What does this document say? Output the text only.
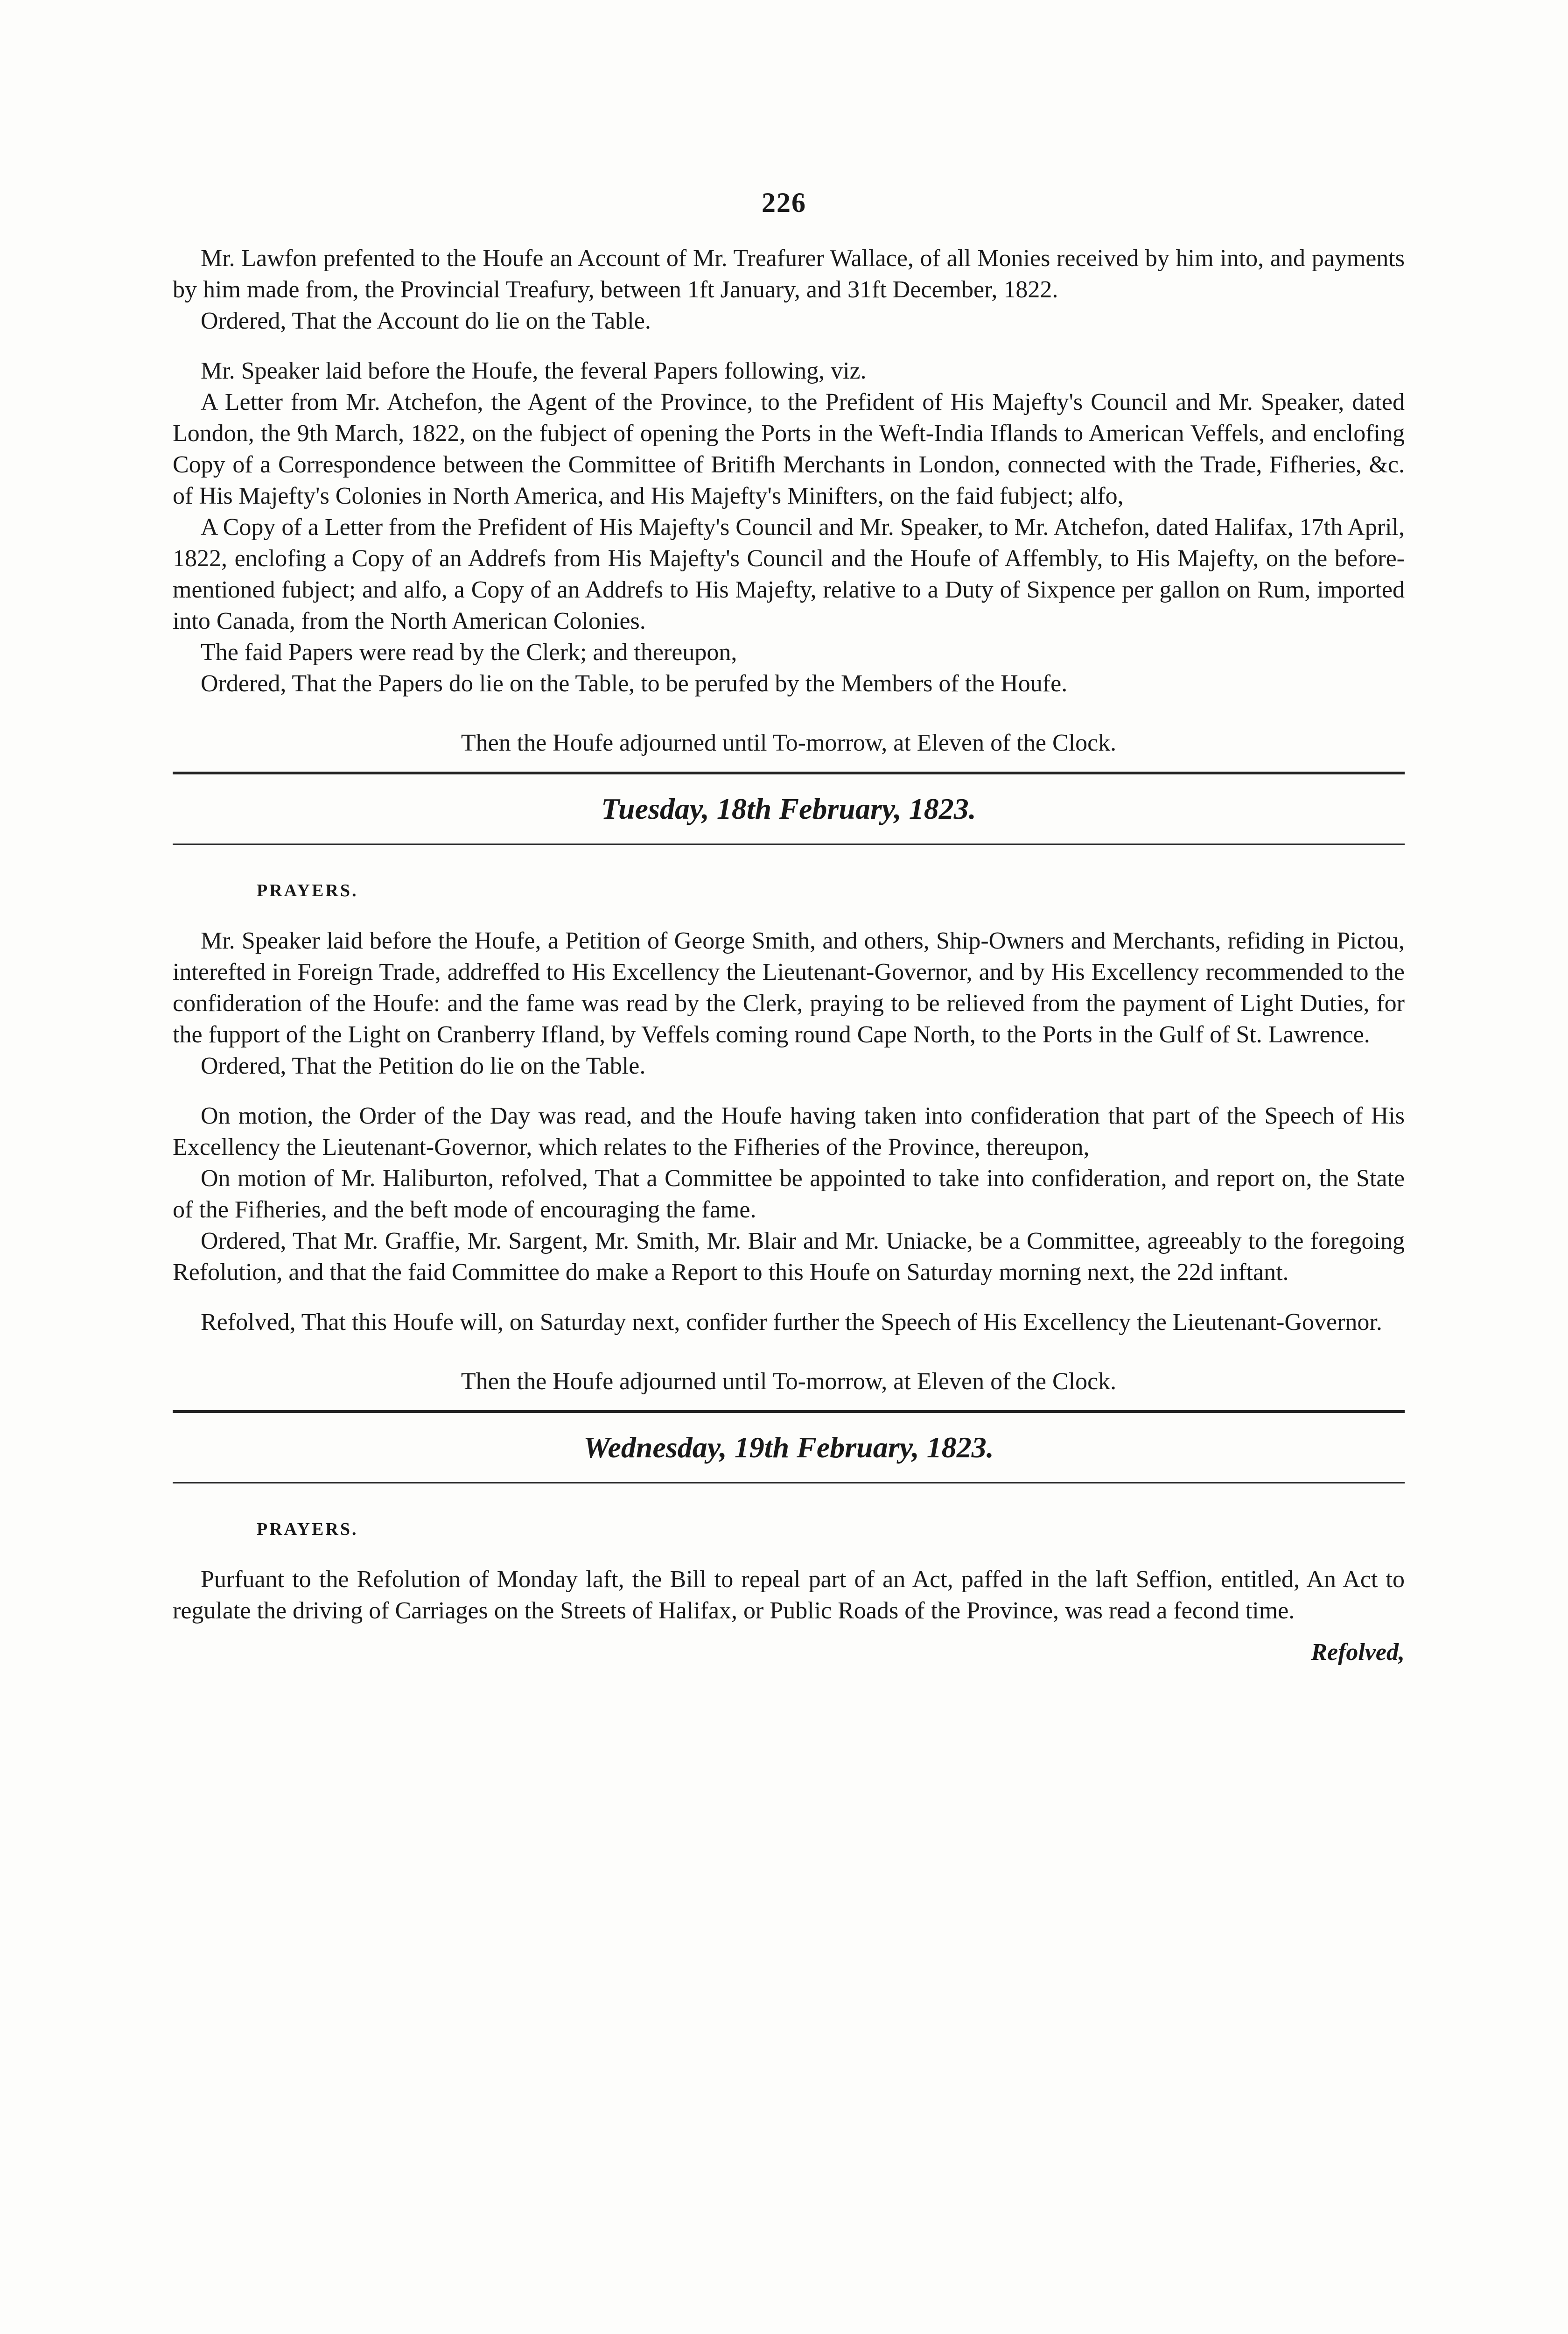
226

Mr. Lawfon prefented to the Houfe an Account of Mr. Treafurer Wallace, of all Monies received by him into, and payments by him made from, the Provincial Treafury, between 1ft January, and 31ft December, 1822.

Ordered, That the Account do lie on the Table.

Mr. Speaker laid before the Houfe, the feveral Papers following, viz.

A Letter from Mr. Atchefon, the Agent of the Province, to the Prefident of His Majefty's Council and Mr. Speaker, dated London, the 9th March, 1822, on the fubject of opening the Ports in the Weft-India Iflands to American Veffels, and enclofing Copy of a Correspondence between the Committee of Britifh Merchants in London, connected with the Trade, Fifheries, &c. of His Majefty's Colonies in North America, and His Majefty's Minifters, on the faid fubject; alfo,

A Copy of a Letter from the Prefident of His Majefty's Council and Mr. Speaker, to Mr. Atchefon, dated Halifax, 17th April, 1822, enclofing a Copy of an Addrefs from His Majefty's Council and the Houfe of Affembly, to His Majefty, on the before-mentioned fubject; and alfo, a Copy of an Addrefs to His Majefty, relative to a Duty of Sixpence per gallon on Rum, imported into Canada, from the North American Colonies.

The faid Papers were read by the Clerk; and thereupon,

Ordered, That the Papers do lie on the Table, to be perufed by the Members of the Houfe.

Then the Houfe adjourned until To-morrow, at Eleven of the Clock.

Tuesday, 18th February, 1823.

PRAYERS.

Mr. Speaker laid before the Houfe, a Petition of George Smith, and others, Ship-Owners and Merchants, refiding in Pictou, interefted in Foreign Trade, addreffed to His Excellency the Lieutenant-Governor, and by His Excellency recommended to the confideration of the Houfe: and the fame was read by the Clerk, praying to be relieved from the payment of Light Duties, for the fupport of the Light on Cranberry Ifland, by Veffels coming round Cape North, to the Ports in the Gulf of St. Lawrence.

Ordered, That the Petition do lie on the Table.

On motion, the Order of the Day was read, and the Houfe having taken into confideration that part of the Speech of His Excellency the Lieutenant-Governor, which relates to the Fifheries of the Province, thereupon,

On motion of Mr. Haliburton, refolved, That a Committee be appointed to take into confideration, and report on, the State of the Fifheries, and the beft mode of encouraging the fame.

Ordered, That Mr. Graffie, Mr. Sargent, Mr. Smith, Mr. Blair and Mr. Uniacke, be a Committee, agreeably to the foregoing Refolution, and that the faid Committee do make a Report to this Houfe on Saturday morning next, the 22d inftant.

Refolved, That this Houfe will, on Saturday next, confider further the Speech of His Excellency the Lieutenant-Governor.

Then the Houfe adjourned until To-morrow, at Eleven of the Clock.

Wednesday, 19th February, 1823.

PRAYERS.

Purfuant to the Refolution of Monday laft, the Bill to repeal part of an Act, paffed in the laft Seffion, entitled, An Act to regulate the driving of Carriages on the Streets of Halifax, or Public Roads of the Province, was read a fecond time.

Refolved,
